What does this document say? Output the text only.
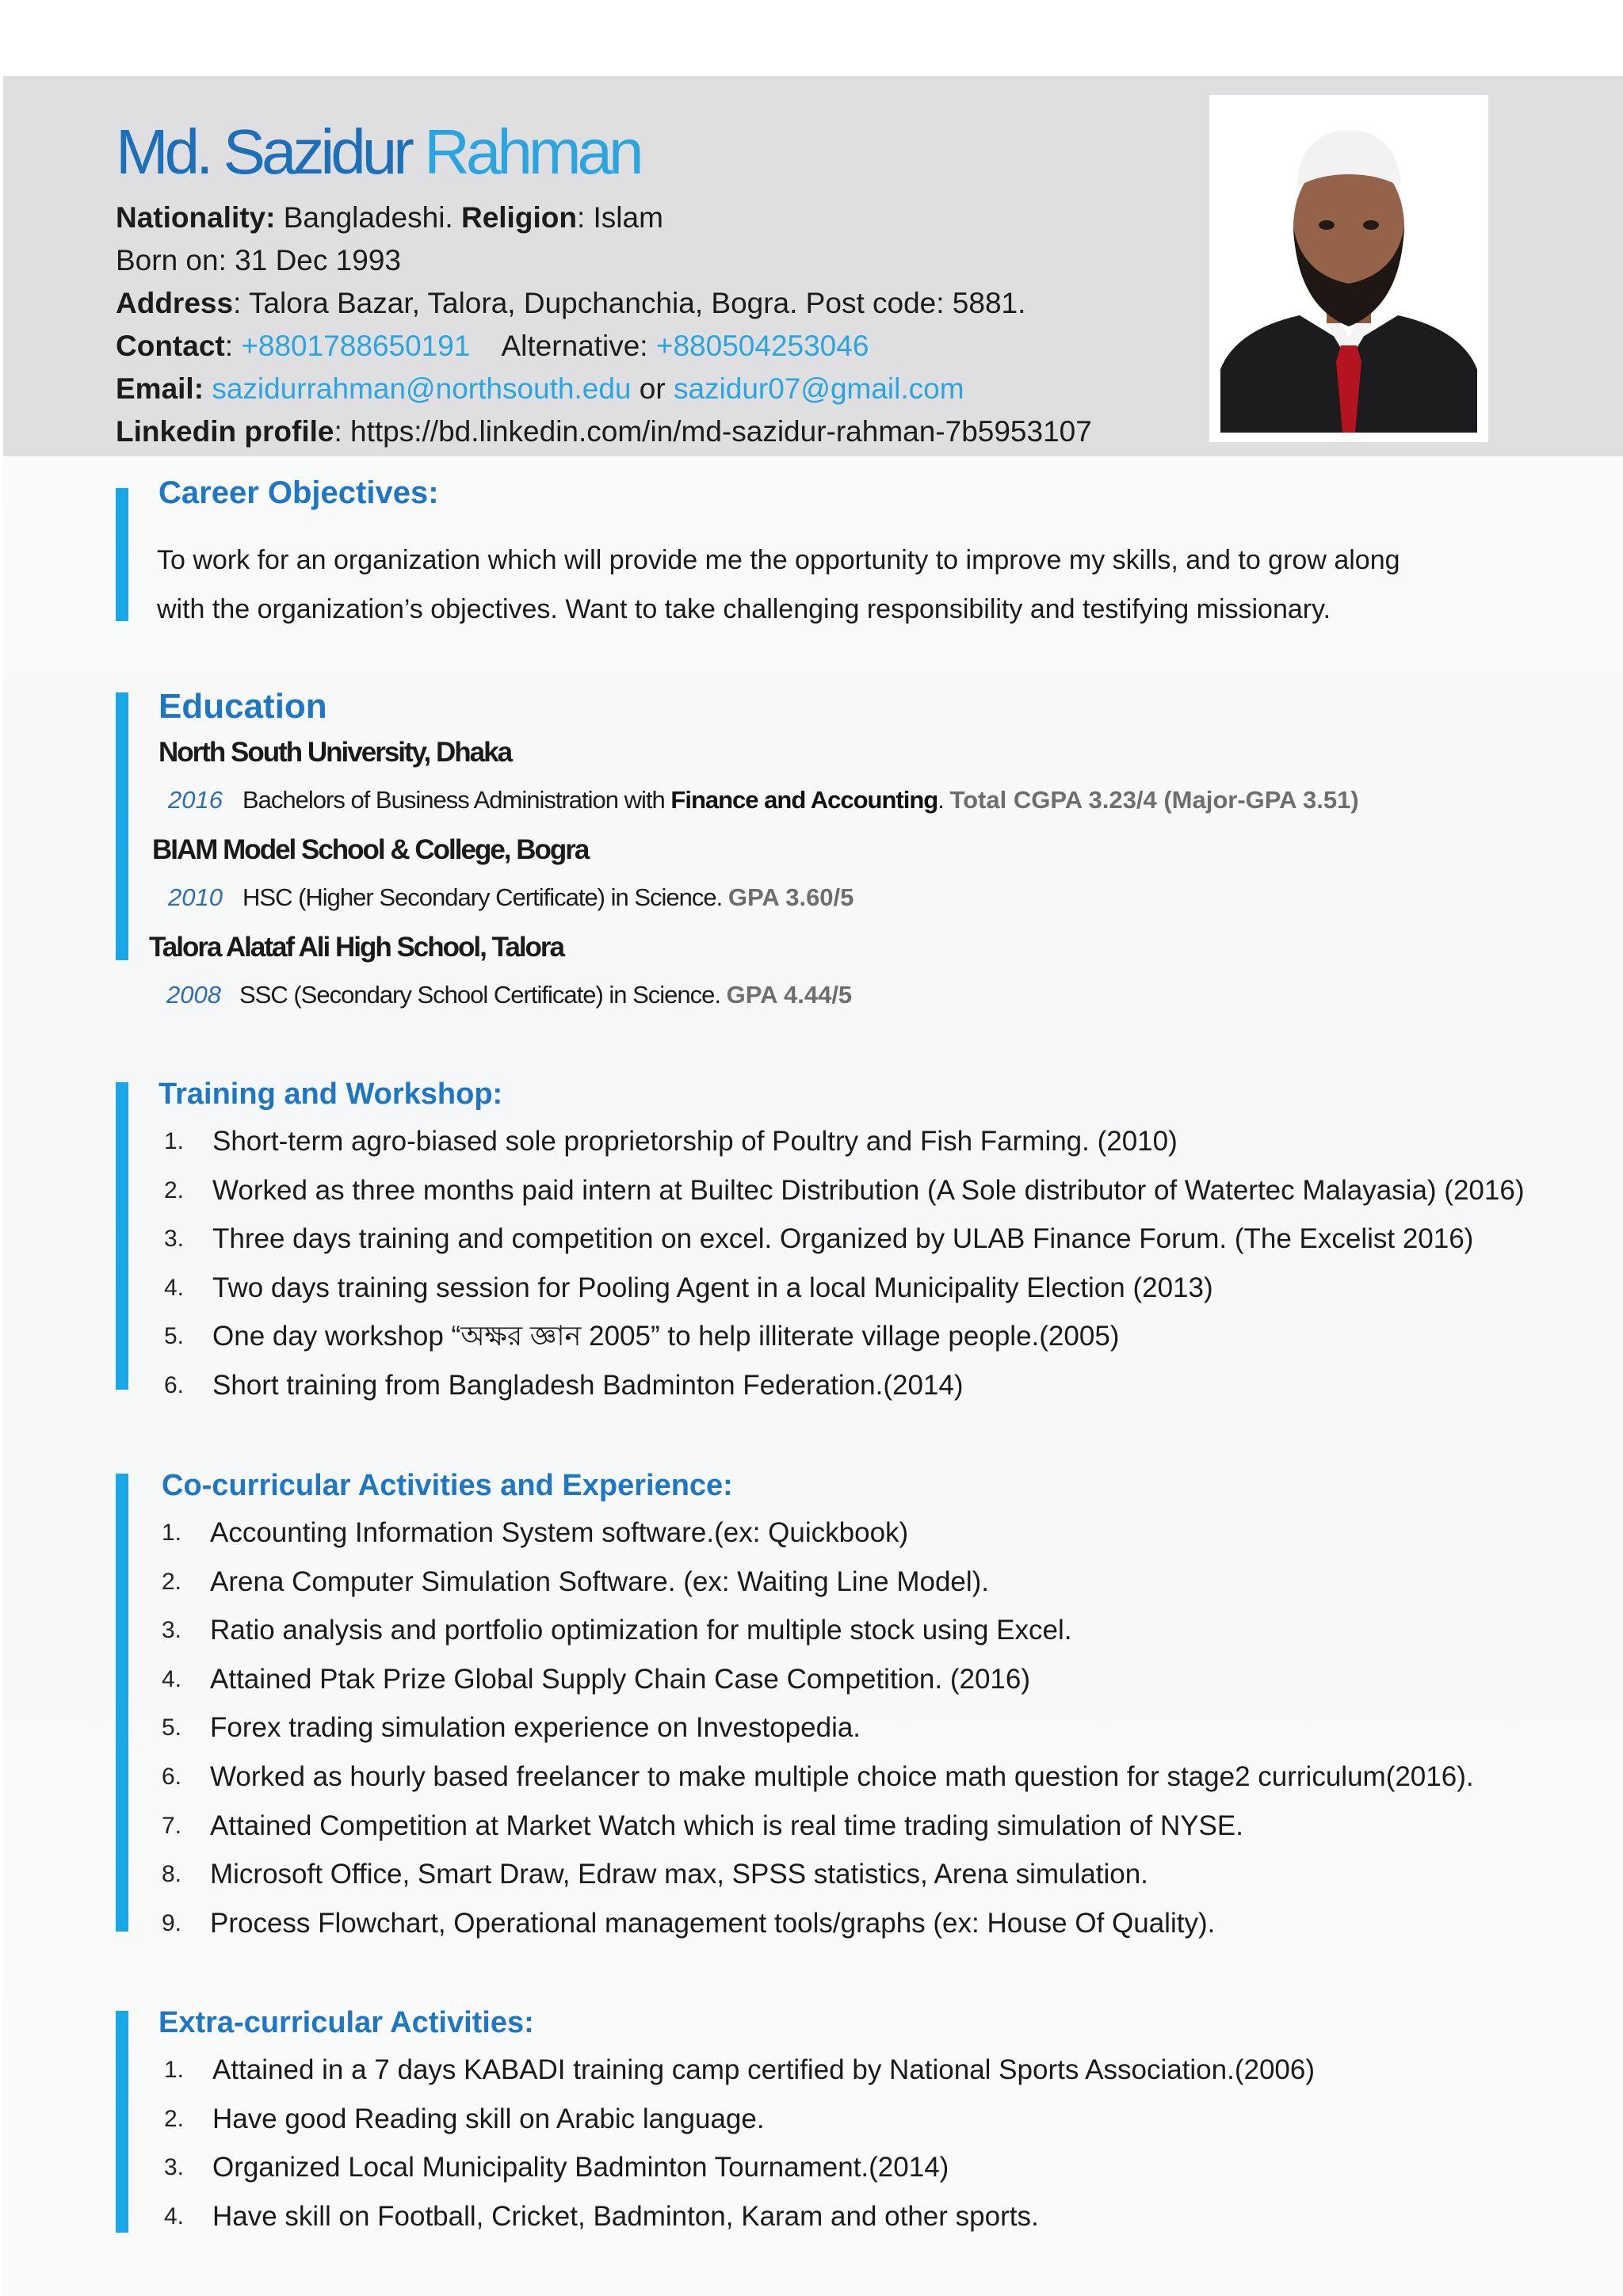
Md. Sazidur Rahman
Nationality: Bangladeshi. Religion: Islam
Born on: 31 Dec 1993
Address: Talora Bazar, Talora, Dupchanchia, Bogra. Post code: 5881.
Contact: +8801788650191    Alternative: +880504253046
Email: sazidurrahman@northsouth.edu or sazidur07@gmail.com
Linkedin profile: https://bd.linkedin.com/in/md-sazidur-rahman-7b5953107
Career Objectives:
To work for an organization which will provide me the opportunity to improve my skills, and to grow along
with the organization’s objectives. Want to take challenging responsibility and testifying missionary.
Education
North South University, Dhaka
2016 Bachelors of Business Administration with Finance and Accounting. Total CGPA 3.23/4 (Major-GPA 3.51)
BIAM Model School & College, Bogra
2010 HSC (Higher Secondary Certificate) in Science. GPA 3.60/5
Talora Alataf Ali High School, Talora
2008 SSC (Secondary School Certificate) in Science. GPA 4.44/5
Training and Workshop:
1. Short-term agro-biased sole proprietorship of Poultry and Fish Farming. (2010)
2. Worked as three months paid intern at Builtec Distribution (A Sole distributor of Watertec Malayasia) (2016)
3. Three days training and competition on excel. Organized by ULAB Finance Forum. (The Excelist 2016)
4. Two days training session for Pooling Agent in a local Municipality Election (2013)
5. One day workshop “অক্ষর জ্ঞান 2005” to help illiterate village people.(2005)
6. Short training from Bangladesh Badminton Federation.(2014)
Co-curricular Activities and Experience:
1. Accounting Information System software.(ex: Quickbook)
2. Arena Computer Simulation Software. (ex: Waiting Line Model).
3. Ratio analysis and portfolio optimization for multiple stock using Excel.
4. Attained Ptak Prize Global Supply Chain Case Competition. (2016)
5. Forex trading simulation experience on Investopedia.
6. Worked as hourly based freelancer to make multiple choice math question for stage2 curriculum(2016).
7. Attained Competition at Market Watch which is real time trading simulation of NYSE.
8. Microsoft Office, Smart Draw, Edraw max, SPSS statistics, Arena simulation.
9. Process Flowchart, Operational management tools/graphs (ex: House Of Quality).
Extra-curricular Activities:
1. Attained in a 7 days KABADI training camp certified by National Sports Association.(2006)
2. Have good Reading skill on Arabic language.
3. Organized Local Municipality Badminton Tournament.(2014)
4. Have skill on Football, Cricket, Badminton, Karam and other sports.
